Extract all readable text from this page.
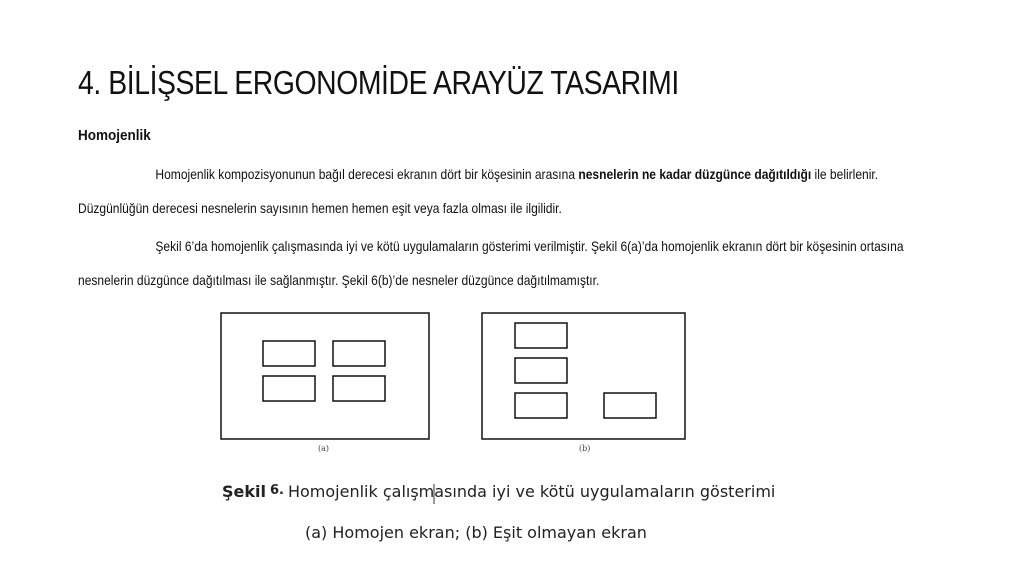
4. BİLİŞSEL ERGONOMİDE ARAYÜZ TASARIMI
Homojenlik
Homojenlik kompozisyonunun bağıl derecesi ekranın dört bir köşesinin arasına nesnelerin ne kadar düzgünce dağıtıldığı ile belirlenir. Düzgünlüğün derecesi nesnelerin sayısının hemen hemen eşit veya fazla olması ile ilgilidir.
Şekil 6’da homojenlik çalışmasında iyi ve kötü uygulamaların gösterimi verilmiştir. Şekil 6(a)’da homojenlik ekranın dört bir köşesinin ortasına nesnelerin düzgünce dağıtılması ile sağlanmıştır. Şekil 6(b)’de nesneler düzgünce dağıtılmamıştır.
(a)	(b)
Şekil 6. Homojenlik çalışmasında iyi ve kötü uygulamaların gösterimi
(a) Homojen ekran; (b) Eşit olmayan ekran
